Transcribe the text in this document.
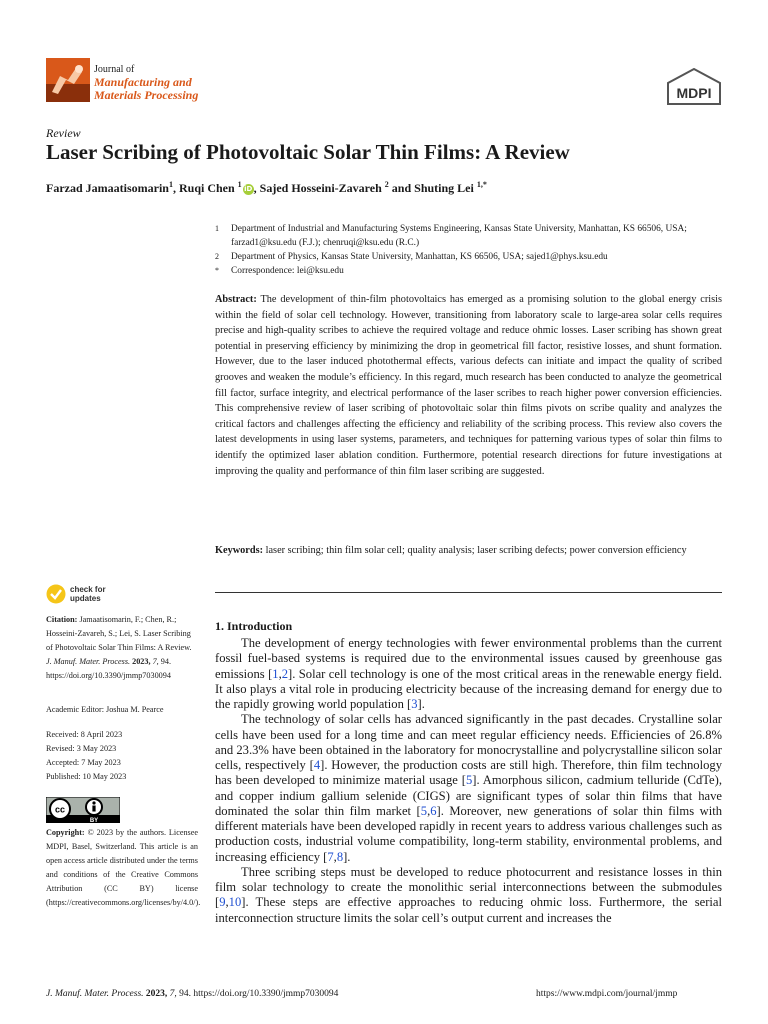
Journal of
Manufacturing and
Materials Processing	MDPI
Review
Laser Scribing of Photovoltaic Solar Thin Films: A Review
Farzad Jamaatisomarin$^1$, Ruqi Chen $^1$ iD, Sajed Hosseini-Zavareh $^2$ and Shuting Lei $^{1,*}$
1	Department of Industrial and Manufacturing Systems Engineering, Kansas State University, Manhattan, KS 66506, USA; farzad1@ksu.edu (F.J.); chenruqi@ksu.edu (R.C.)
2	Department of Physics, Kansas State University, Manhattan, KS 66506, USA; sajed1@phys.ksu.edu
*	Correspondence: lei@ksu.edu

Abstract: The development of thin-film photovoltaics has emerged as a promising solution to the global energy crisis within the field of solar cell technology. However, transitioning from laboratory scale to large-area solar cells requires precise and high-quality scribes to achieve the required voltage and reduce ohmic losses. Laser scribing has shown great potential in preserving efficiency by minimizing the drop in geometrical fill factor, resistive losses, and shunt formation. However, due to the laser induced photothermal effects, various defects can initiate and impact the quality of scribed grooves and weaken the module’s efficiency. In this regard, much research has been conducted to analyze the geometrical fill factor, surface integrity, and electrical performance of the laser scribes to reach higher power conversion efficiencies. This comprehensive review of laser scribing of photovoltaic solar thin films pivots on scribe quality and analyzes the critical factors and challenges affecting the efficiency and reliability of the scribing process. This review also covers the latest developments in using laser systems, parameters, and techniques for patterning various types of solar thin films to identify the optimized laser ablation condition. Furthermore, potential research directions for future investigations at improving the quality and performance of thin film laser scribing are suggested.

Keywords: laser scribing; thin film solar cell; quality analysis; laser scribing defects; power conversion efficiency

check for
updates
Citation: Jamaatisomarin, F.; Chen, R.; Hosseini-Zavareh, S.; Lei, S. Laser Scribing of Photovoltaic Solar Thin Films: A Review. J. Manuf. Mater. Process. 2023, 7, 94. https://doi.org/10.3390/jmmp7030094
Academic Editor: Joshua M. Pearce
Received: 8 April 2023
Revised: 3 May 2023
Accepted: 7 May 2023
Published: 10 May 2023
cc
BY
Copyright: © 2023 by the authors. Licensee MDPI, Basel, Switzerland. This article is an open access article distributed under the terms and conditions of the Creative Commons Attribution (CC BY) license (https://creativecommons.org/licenses/by/4.0/).
1. Introduction

The development of energy technologies with fewer environmental problems than the current fossil fuel-based systems is required due to the environmental issues caused by greenhouse gas emissions [1,2]. Solar cell technology is one of the most critical areas in the renewable energy field. It also plays a vital role in producing electricity because of the increasing demand for energy due to the rapidly growing world population [3].

The technology of solar cells has advanced significantly in the past decades. Crystalline solar cells have been used for a long time and can meet regular efficiency needs. Efficiencies of 26.8% and 23.3% have been obtained in the laboratory for monocrystalline and polycrystalline silicon solar cells, respectively [4]. However, the production costs are still high. Therefore, thin film technology has been developed to minimize material usage [5]. Amorphous silicon, cadmium telluride (CdTe), and copper indium gallium selenide (CIGS) are significant types of solar thin films that have dominated the solar thin film market [5,6]. Moreover, new generations of solar thin films with different materials have been developed rapidly in recent years to address various challenges such as production costs, industrial volume compatibility, long-term stability, environmental problems, and increasing efficiency [7,8].

Three scribing steps must be developed to reduce photocurrent and resistance losses in thin film solar technology to create the monolithic serial interconnections between the submodules [9,10]. These steps are effective approaches to reducing ohmic loss. Furthermore, the serial interconnection structure limits the solar cell’s output current and increases the

J. Manuf. Mater. Process. 2023, 7, 94. https://doi.org/10.3390/jmmp7030094	https://www.mdpi.com/journal/jmmp
